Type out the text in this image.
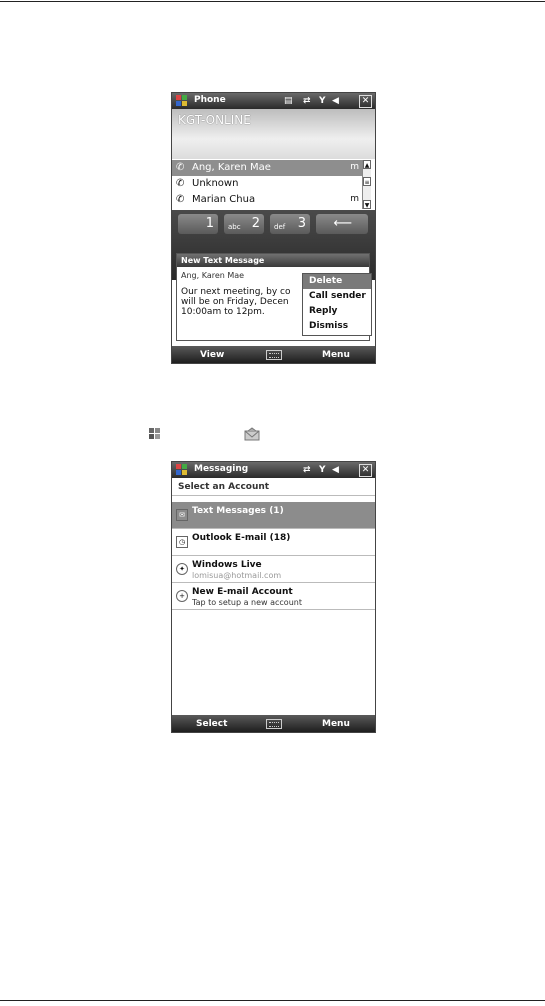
Phone	▤ ⇄ Y ◀	✕
KGT-ONLINE
✆ Ang, Karen Mae	m
✆ Unknown
✆ Marian Chua	m
▲
≡
▼
1 abc 2 def 3 ⟵
New Text Message
Ang, Karen Mae
Our next meeting, by co
will be on Friday, Decen
10:00am to 12pm.
Delete
Call sender
Reply
Dismiss
View	Menu
Messaging	⇄ Y ◀	✕
Select an Account
✉ Text Messages (1)
◷ Outlook E-mail (18)
✦ Windows Live
lomisua@hotmail.com
+ New E-mail Account
Tap to setup a new account
Select	Menu
